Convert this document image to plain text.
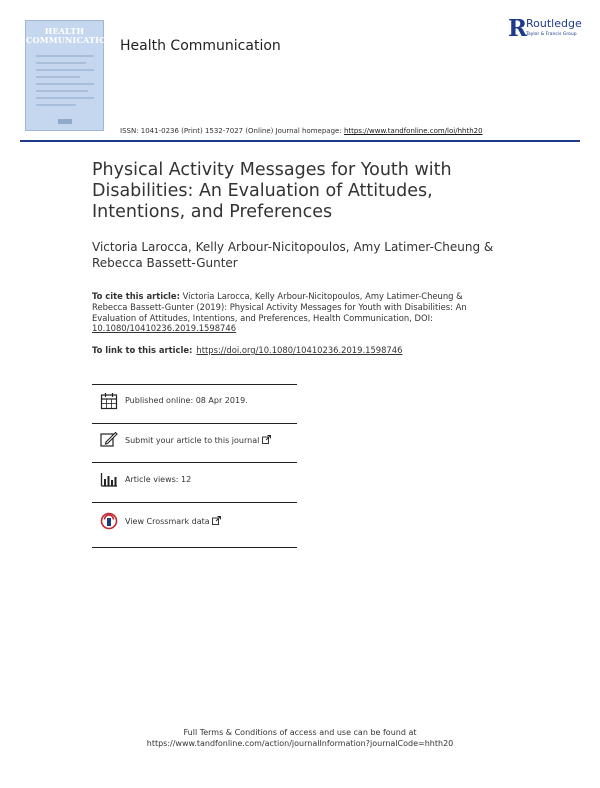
HEALTH
COMMUNICATION Health Communication
R
Routledge
Taylor & Francis Group
ISSN: 1041-0236 (Print) 1532-7027 (Online) Journal homepage: https://www.tandfonline.com/loi/hhth20
Physical Activity Messages for Youth with Disabilities: An Evaluation of Attitudes, Intentions, and Preferences
Victoria Larocca, Kelly Arbour-Nicitopoulos, Amy Latimer-Cheung & Rebecca Bassett-Gunter
To cite this article: Victoria Larocca, Kelly Arbour-Nicitopoulos, Amy Latimer-Cheung & Rebecca Bassett-Gunter (2019): Physical Activity Messages for Youth with Disabilities: An Evaluation of Attitudes, Intentions, and Preferences, Health Communication, DOI: 10.1080/10410236.2019.1598746
To link to this article: https://doi.org/10.1080/10410236.2019.1598746
Published online: 08 Apr 2019.
Submit your article to this journal
Article views: 12
View Crossmark data
Full Terms & Conditions of access and use can be found at
https://www.tandfonline.com/action/journalInformation?journalCode=hhth20
